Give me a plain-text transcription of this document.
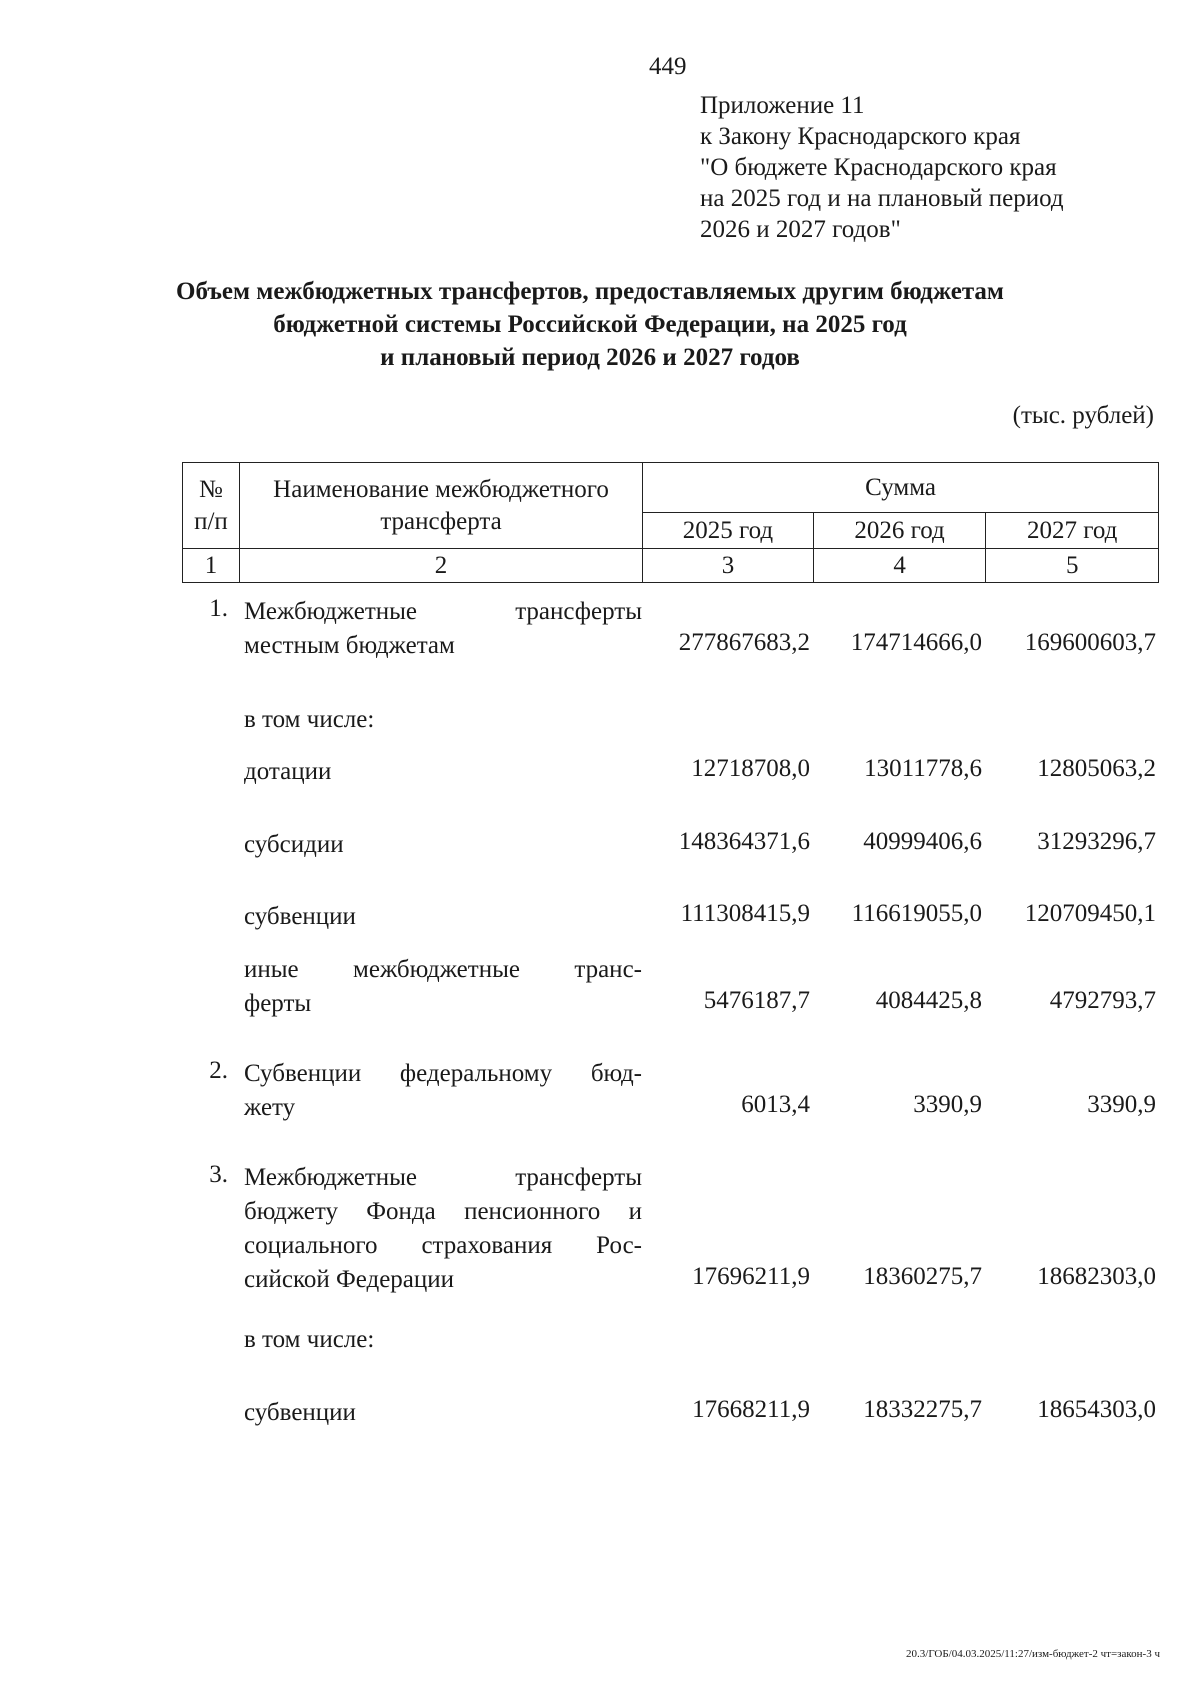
449
Приложение 11
к Закону Краснодарского края
"О бюджете Краснодарского края
на 2025 год и на плановый период
2026 и 2027 годов"
Объем межбюджетных трансфертов, предоставляемых другим бюджетам
бюджетной системы Российской Федерации, на 2025 год
и плановый период 2026 и 2027 годов
(тыс. рублей)
№
п/п	Наименование межбюджетного трансферта	Сумма		
		2025 год	2026 год	2027 год
1	2	3	4	5
1. Межбюджетные трансферты
местным бюджетам	277867683,2	174714666,0	169600603,7
в том числе:
дотации	12718708,0	13011778,6	12805063,2
субсидии	148364371,6	40999406,6	31293296,7
субвенции	111308415,9	116619055,0	120709450,1
иные межбюджетные транс-
ферты	5476187,7	4084425,8	4792793,7
2. Субвенции федеральному бюд-
жету	6013,4	3390,9	3390,9
3. Межбюджетные трансферты
бюджету Фонда пенсионного и
социального страхования Рос-
сийской Федерации	17696211,9	18360275,7	18682303,0
в том числе:
субвенции	17668211,9	18332275,7	18654303,0
20.3/ГОБ/04.03.2025/11:27/изм-бюджет-2 чт=закон-3 ч
